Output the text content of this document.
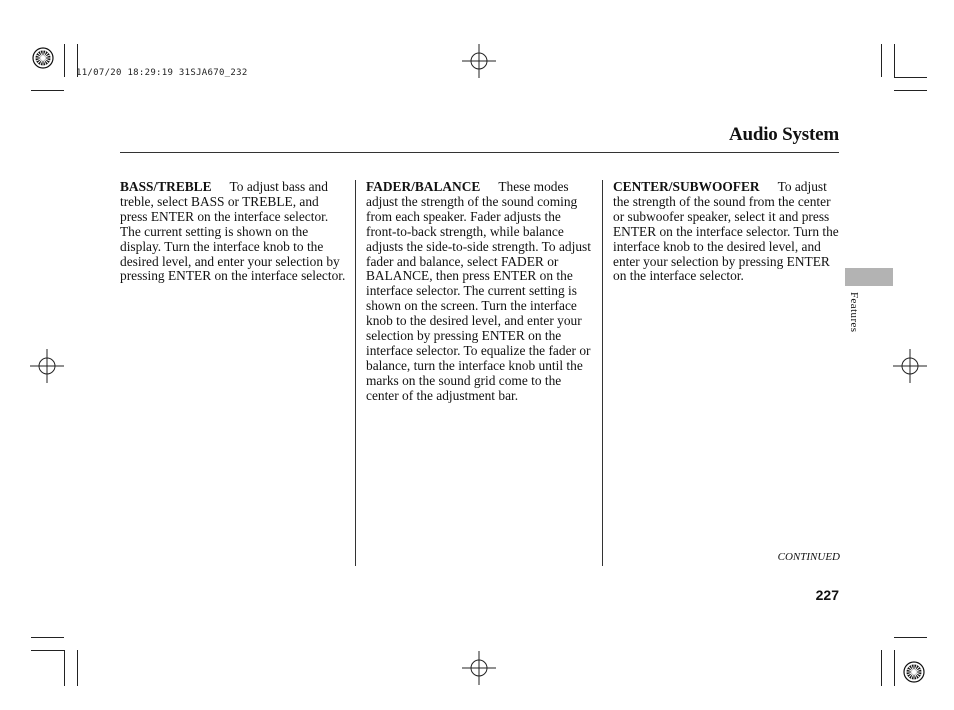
11/07/20 18:29:19 31SJA670_232
Audio System
BASS/TREBLE To adjust bass and treble, select BASS or TREBLE, and press ENTER on the interface selector. The current setting is shown on the display. Turn the interface knob to the desired level, and enter your selection by pressing ENTER on the interface selector.
FADER/BALANCE These modes adjust the strength of the sound coming from each speaker. Fader adjusts the front-to-back strength, while balance adjusts the side-to-side strength. To adjust fader and balance, select FADER or BALANCE, then press ENTER on the interface selector. The current setting is shown on the screen. Turn the interface knob to the desired level, and enter your selection by pressing ENTER on the interface selector. To equalize the fader or balance, turn the interface knob until the marks on the sound grid come to the center of the adjustment bar.
CENTER/SUBWOOFER To adjust the strength of the sound from the center or subwoofer speaker, select it and press ENTER on the interface selector. Turn the interface knob to the desired level, and enter your selection by pressing ENTER on the interface selector.
Features
CONTINUED
227
